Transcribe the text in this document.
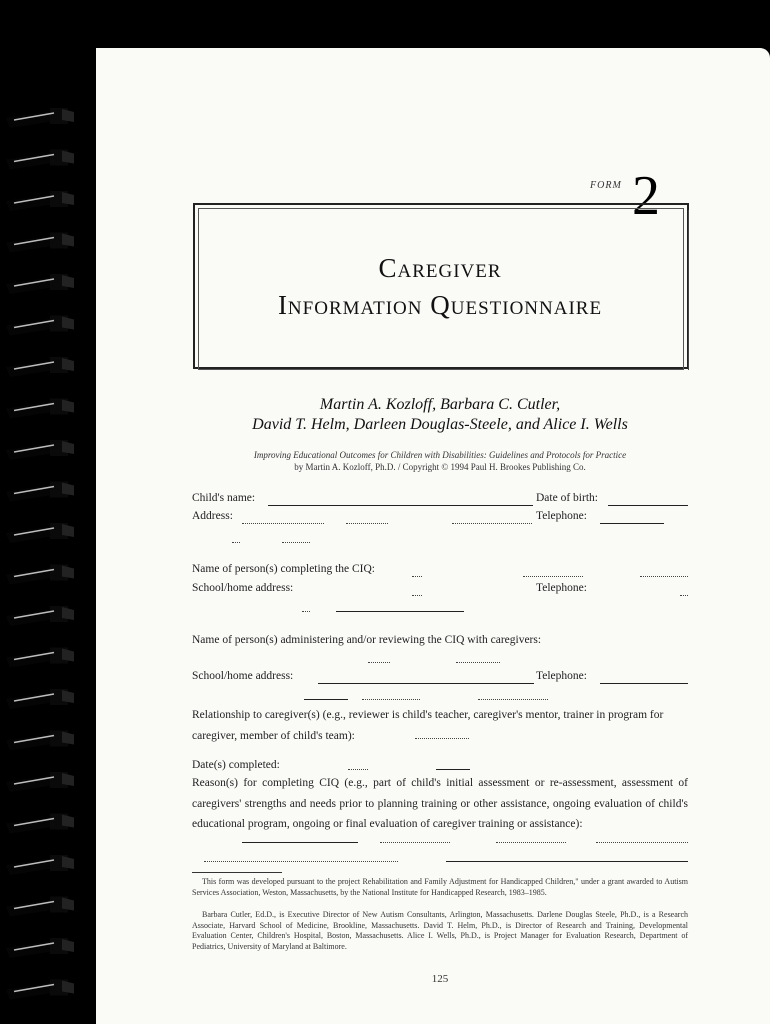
FORM 2
Caregiver
Information Questionnaire
Martin A. Kozloff, Barbara C. Cutler,
David T. Helm, Darleen Douglas-Steele, and Alice I. Wells
Improving Educational Outcomes for Children with Disabilities: Guidelines and Protocols for Practice
by Martin A. Kozloff, Ph.D. / Copyright © 1994 Paul H. Brookes Publishing Co.
Child's name:	Date of birth:
Address:	Telephone:
Name of person(s) completing the CIQ:
School/home address:	Telephone:
Name of person(s) administering and/or reviewing the CIQ with caregivers:
School/home address:	Telephone:
Relationship to caregiver(s) (e.g., reviewer is child's teacher, caregiver's mentor, trainer in program for caregiver, member of child's team):
Date(s) completed:
Reason(s) for completing CIQ (e.g., part of child's initial assessment or re-assessment, assessment of caregivers' strengths and needs prior to planning training or other assistance, ongoing evaluation of child's educational program, ongoing or final evaluation of caregiver training or assistance):
This form was developed pursuant to the project Rehabilitation and Family Adjustment for Handicapped Children," under a grant awarded to Autism Services Association, Weston, Massachusetts, by the National Institute for Handicapped Research, 1983–1985.
Barbara Cutler, Ed.D., is Executive Director of New Autism Consultants, Arlington, Massachusetts. Darlene Douglas Steele, Ph.D., is a Research Associate, Harvard School of Medicine, Brookline, Massachusetts. David T. Helm, Ph.D., is Director of Research and Training, Developmental Evaluation Center, Children's Hospital, Boston, Massachusetts. Alice I. Wells, Ph.D., is Project Manager for Evaluation Research, Department of Pediatrics, University of Maryland at Baltimore.
125
